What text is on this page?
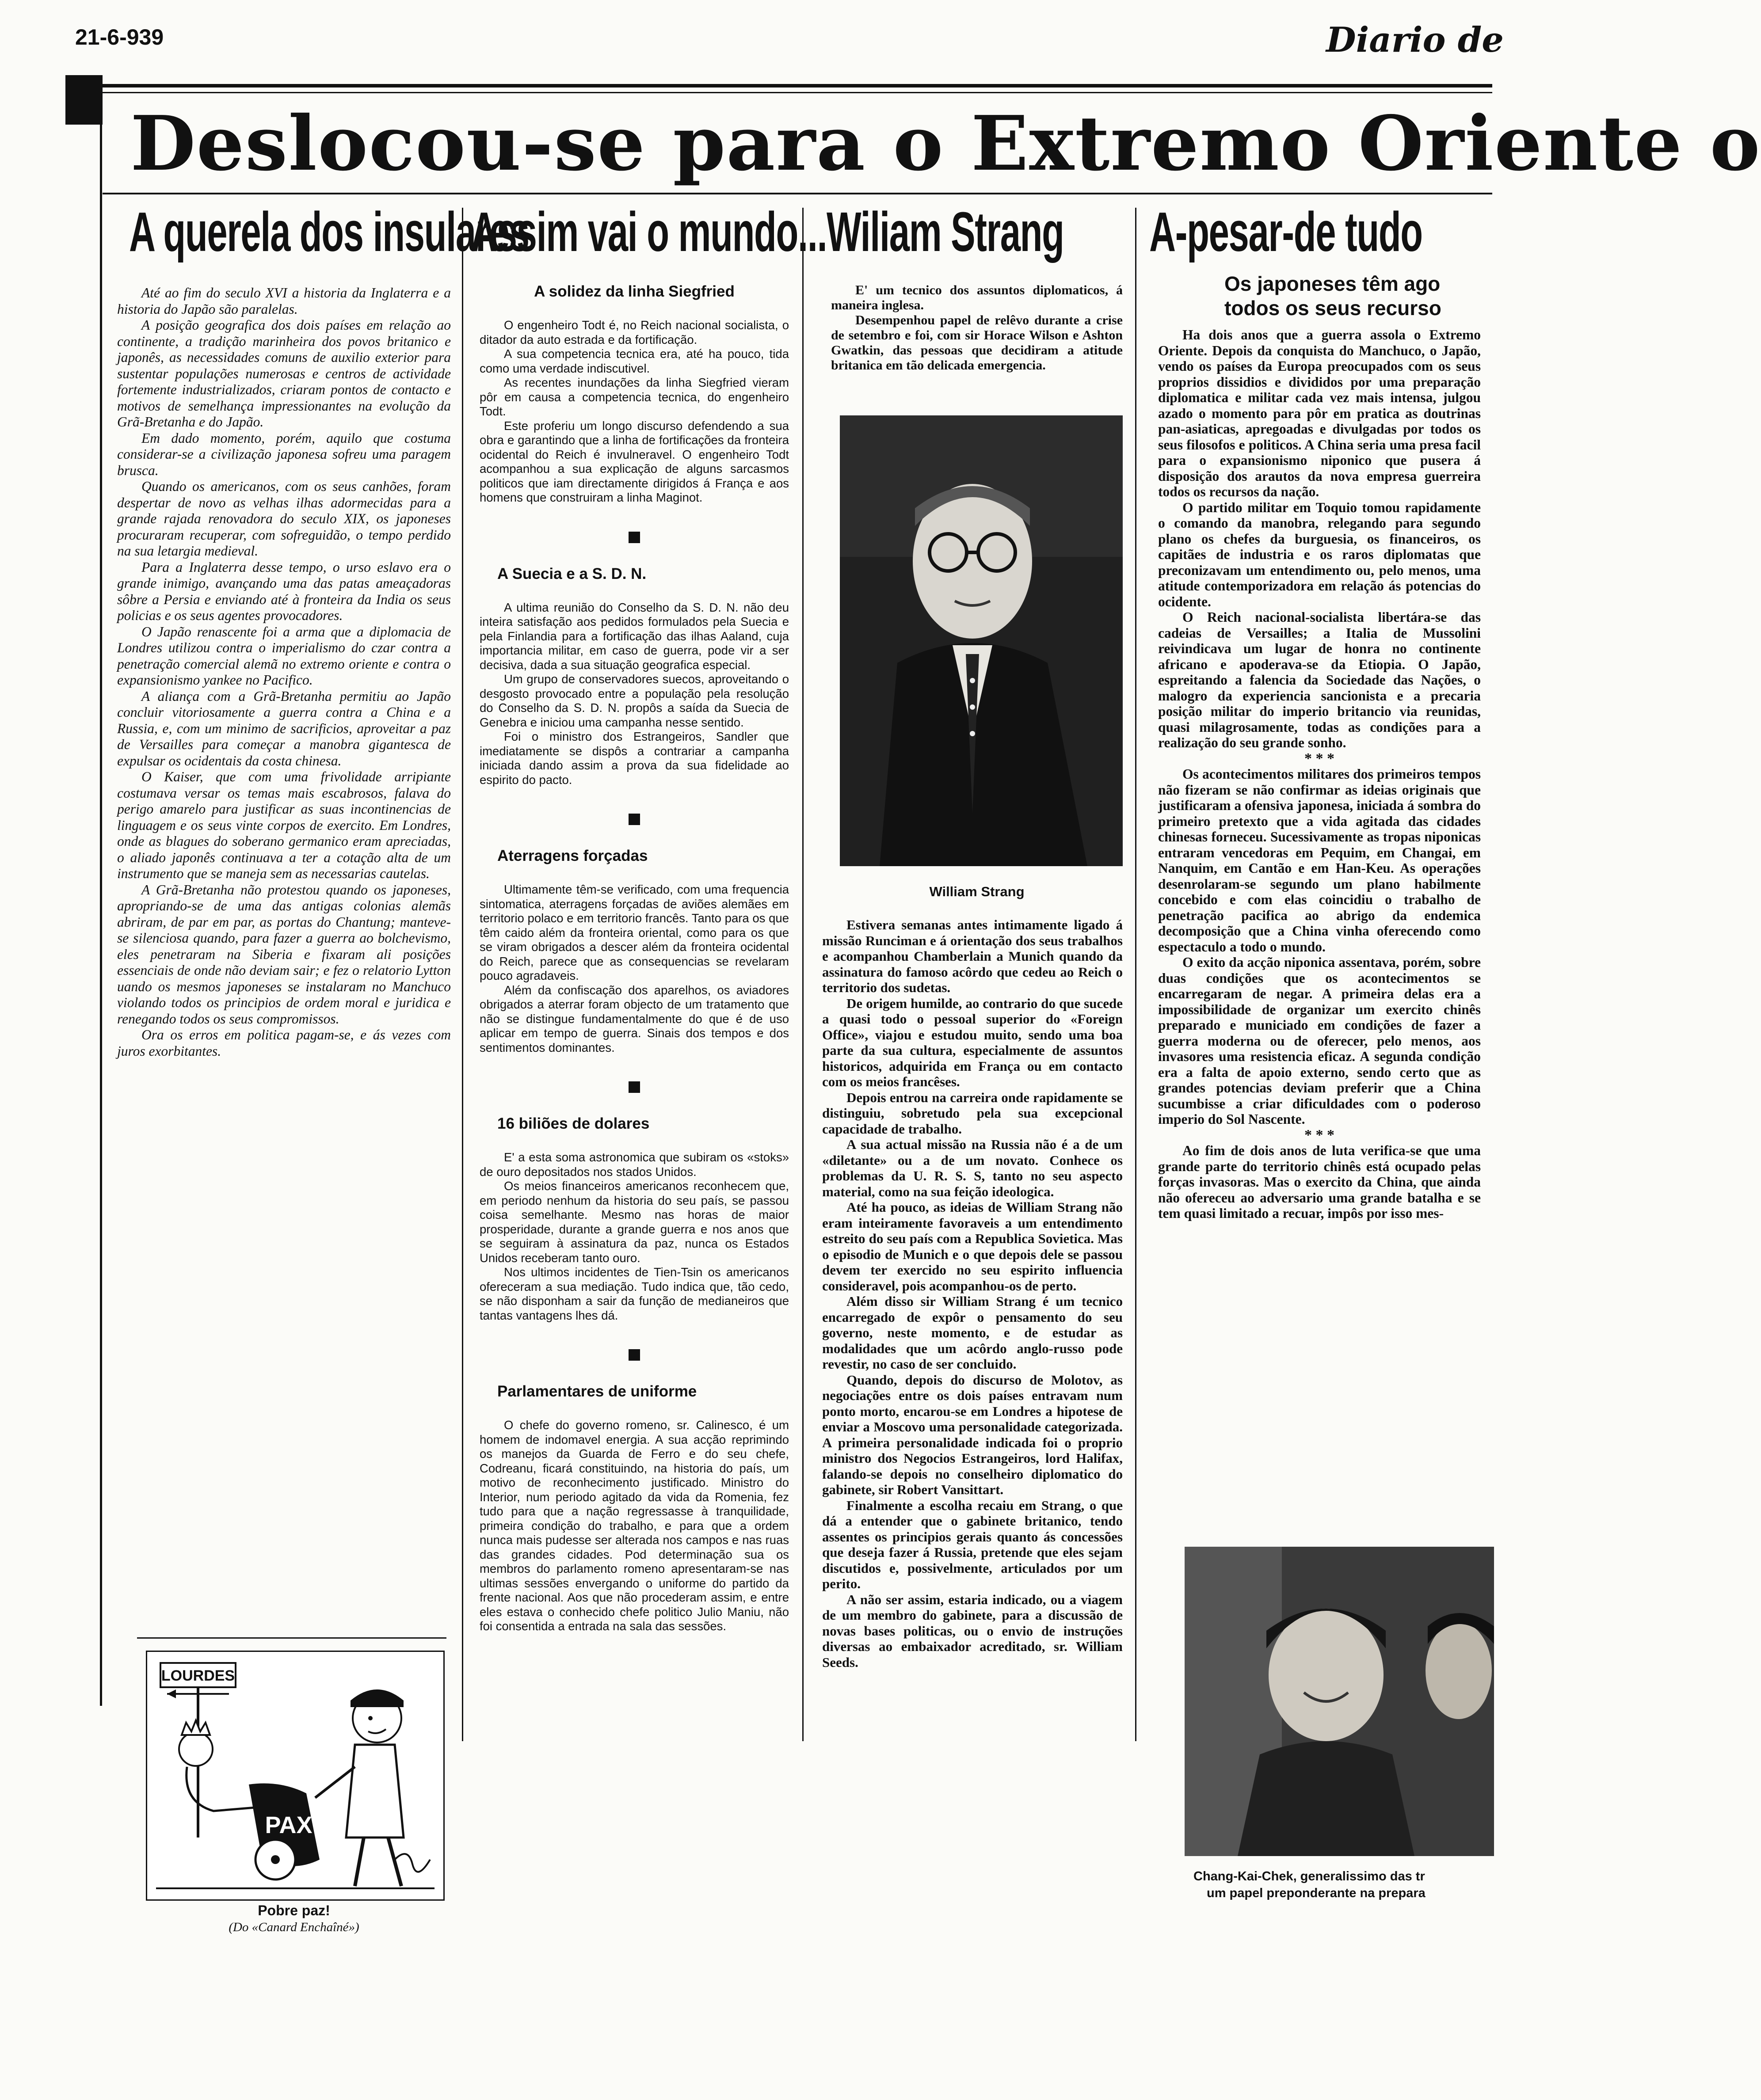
21-6-939	Diario de
Deslocou-se para o Extremo Oriente o
A querela dos insulares

Até ao fim do seculo XVI a historia da Inglaterra e a historia do Japão são paralelas.

A posição geografica dos dois países em relação ao continente, a tradição marinheira dos povos britanico e japonês, as necessidades comuns de auxilio exterior para sustentar populações numerosas e centros de actividade fortemente industrializados, criaram pontos de contacto e motivos de semelhança impressionantes na evolução da Grã-Bretanha e do Japão.

Em dado momento, porém, aquilo que costuma considerar-se a civilização japonesa sofreu uma paragem brusca.

Quando os americanos, com os seus canhões, foram despertar de novo as velhas ilhas adormecidas para a grande rajada renovadora do seculo XIX, os japoneses procuraram recuperar, com sofreguidão, o tempo perdido na sua letargia medieval.

Para a Inglaterra desse tempo, o urso eslavo era o grande inimigo, avançando uma das patas ameaçadoras sôbre a Persia e enviando até à fronteira da India os seus policias e os seus agentes provocadores.

O Japão renascente foi a arma que a diplomacia de Londres utilizou contra o imperialismo do czar contra a penetração comercial alemã no extremo oriente e contra o expansionismo yankee no Pacifico.

A aliança com a Grã-Bretanha permitiu ao Japão concluir vitoriosamente a guerra contra a China e a Russia, e, com um minimo de sacrificios, aproveitar a paz de Versailles para começar a manobra gigantesca de expulsar os ocidentais da costa chinesa.

O Kaiser, que com uma frivolidade arripiante costumava versar os temas mais escabrosos, falava do perigo amarelo para justificar as suas incontinencias de linguagem e os seus vinte corpos de exercito. Em Londres, onde as blagues do soberano germanico eram apreciadas, o aliado japonês continuava a ter a cotação alta de um instrumento que se maneja sem as necessarias cautelas.

A Grã-Bretanha não protestou quando os japoneses, apropriando-se de uma das antigas colonias alemãs abriram, de par em par, as portas do Chantung; manteve-se silenciosa quando, para fazer a guerra ao bolchevismo, eles penetraram na Siberia e fixaram ali posições essenciais de onde não deviam sair; e fez o relatorio Lytton uando os mesmos japoneses se instalaram no Manchuco violando todos os principios de ordem moral e juridica e renegando todos os seus compromissos.

Ora os erros em politica pagam-se, e ás vezes com juros exorbitantes.

LOURDES
PAX
Pobre paz!
(Do «Canard Enchaîné»)
Assim vai o mundo...
A solidez da linha Siegfried

O engenheiro Todt é, no Reich nacional socialista, o ditador da auto estrada e da fortificação.

A sua competencia tecnica era, até ha pouco, tida como uma verdade indiscutivel.

As recentes inundações da linha Siegfried vieram pôr em causa a competencia tecnica, do engenheiro Todt.

Este proferiu um longo discurso defendendo a sua obra e garantindo que a linha de fortificações da fronteira ocidental do Reich é invulneravel. O engenheiro Todt acompanhou a sua explicação de alguns sarcasmos politicos que iam directamente dirigidos á França e aos homens que construiram a linha Maginot.

A Suecia e a S. D. N.

A ultima reunião do Conselho da S. D. N. não deu inteira satisfação aos pedidos formulados pela Suecia e pela Finlandia para a fortificação das ilhas Aaland, cuja importancia militar, em caso de guerra, pode vir a ser decisiva, dada a sua situação geografica especial.

Um grupo de conservadores suecos, aproveitando o desgosto provocado entre a população pela resolução do Conselho da S. D. N. propôs a saída da Suecia de Genebra e iniciou uma campanha nesse sentido.

Foi o ministro dos Estrangeiros, Sandler que imediatamente se dispôs a contrariar a campanha iniciada dando assim a prova da sua fidelidade ao espirito do pacto.

Aterragens forçadas

Ultimamente têm-se verificado, com uma frequencia sintomatica, aterragens forçadas de aviões alemães em territorio polaco e em territorio francês. Tanto para os que têm caido além da fronteira oriental, como para os que se viram obrigados a descer além da fronteira ocidental do Reich, parece que as consequencias se revelaram pouco agradaveis.

Além da confiscação dos aparelhos, os aviadores obrigados a aterrar foram objecto de um tratamento que não se distingue fundamentalmente do que é de uso aplicar em tempo de guerra. Sinais dos tempos e dos sentimentos dominantes.

16 biliões de dolares

E' a esta soma astronomica que subiram os «stoks» de ouro depositados nos stados Unidos.

Os meios financeiros americanos reconhecem que, em periodo nenhum da historia do seu país, se passou coisa semelhante. Mesmo nas horas de maior prosperidade, durante a grande guerra e nos anos que se seguiram à assinatura da paz, nunca os Estados Unidos receberam tanto ouro.

Nos ultimos incidentes de Tien-Tsin os americanos ofereceram a sua mediação. Tudo indica que, tão cedo, se não disponham a sair da função de medianeiros que tantas vantagens lhes dá.

Parlamentares de uniforme

O chefe do governo romeno, sr. Calinesco, é um homem de indomavel energia. A sua acção reprimindo os manejos da Guarda de Ferro e do seu chefe, Codreanu, ficará constituindo, na historia do país, um motivo de reconhecimento justificado. Ministro do Interior, num periodo agitado da vida da Romenia, fez tudo para que a nação regressasse à tranquilidade, primeira condição do trabalho, e para que a ordem nunca mais pudesse ser alterada nos campos e nas ruas das grandes cidades. Pod determinação sua os membros do parlamento romeno apresentaram-se nas ultimas sessões envergando o uniforme do partido da frente nacional. Aos que não procederam assim, e entre eles estava o conhecido chefe politico Julio Maniu, não foi consentida a entrada na sala das sessões.

Wiliam Strang

E' um tecnico dos assuntos diplomaticos, á maneira inglesa.

Desempenhou papel de relêvo durante a crise de setembro e foi, com sir Horace Wilson e Ashton Gwatkin, das pessoas que decidiram a atitude britanica em tão delicada emergencia.

William Strang

Estivera semanas antes intimamente ligado á missão Runciman e á orientação dos seus trabalhos e acompanhou Chamberlain a Munich quando da assinatura do famoso acôrdo que cedeu ao Reich o territorio dos sudetas.

De origem humilde, ao contrario do que sucede a quasi todo o pessoal superior do «Foreign Office», viajou e estudou muito, sendo uma boa parte da sua cultura, especialmente de assuntos historicos, adquirida em França ou em contacto com os meios francêses.

Depois entrou na carreira onde rapidamente se distinguiu, sobretudo pela sua excepcional capacidade de trabalho.

A sua actual missão na Russia não é a de um «diletante» ou a de um novato. Conhece os problemas da U. R. S. S, tanto no seu aspecto material, como na sua feição ideologica.

Até ha pouco, as ideias de William Strang não eram inteiramente favoraveis a um entendimento estreito do seu país com a Republica Sovietica. Mas o episodio de Munich e o que depois dele se passou devem ter exercido no seu espirito influencia consideravel, pois acompanhou-os de perto.

Além disso sir William Strang é um tecnico encarregado de expôr o pensamento do seu governo, neste momento, e de estudar as modalidades que um acôrdo anglo-russo pode revestir, no caso de ser concluido.

Quando, depois do discurso de Molotov, as negociações entre os dois países entravam num ponto morto, encarou-se em Londres a hipotese de enviar a Moscovo uma personalidade categorizada. A primeira personalidade indicada foi o proprio ministro dos Negocios Estrangeiros, lord Halifax, falando-se depois no conselheiro diplomatico do gabinete, sir Robert Vansittart.

Finalmente a escolha recaiu em Strang, o que dá a entender que o gabinete britanico, tendo assentes os principios gerais quanto ás concessões que deseja fazer á Russia, pretende que eles sejam discutidos e, possivelmente, articulados por um perito.

A não ser assim, estaria indicado, ou a viagem de um membro do gabinete, para a discussão de novas bases politicas, ou o envio de instruções diversas ao embaixador acreditado, sr. William Seeds.

A-pesar-de tudo
Os japoneses têm ago
todos os seus recurso

Ha dois anos que a guerra assola o Extremo Oriente. Depois da conquista do Manchuco, o Japão, vendo os países da Europa preocupados com os seus proprios dissidios e divididos por uma preparação diplomatica e militar cada vez mais intensa, julgou azado o momento para pôr em pratica as doutrinas pan-asiaticas, apregoadas e divulgadas por todos os seus filosofos e politicos. A China seria uma presa facil para o expansionismo niponico que pusera á disposição dos arautos da nova empresa guerreira todos os recursos da nação.

O partido militar em Toquio tomou rapidamente o comando da manobra, relegando para segundo plano os chefes da burguesia, os financeiros, os capitães de industria e os raros diplomatas que preconizavam um entendimento ou, pelo menos, uma atitude contemporizadora em relação ás potencias do ocidente.

O Reich nacional-socialista libertára-se das cadeias de Versailles; a Italia de Mussolini reivindicava um lugar de honra no continente africano e apoderava-se da Etiopia. O Japão, espreitando a falencia da Sociedade das Nações, o malogro da experiencia sancionista e a precaria posição militar do imperio britancio via reunidas, quasi milagrosamente, todas as condições para a realização do seu grande sonho.

* * *

Os acontecimentos militares dos primeiros tempos não fizeram se não confirmar as ideias originais que justificaram a ofensiva japonesa, iniciada á sombra do primeiro pretexto que a vida agitada das cidades chinesas forneceu. Sucessivamente as tropas niponicas entraram vencedoras em Pequim, em Changai, em Nanquim, em Cantão e em Han-Keu. As operações desenrolaram-se segundo um plano habilmente concebido e com elas coincidiu o trabalho de penetração pacifica ao abrigo da endemica decomposição que a China vinha oferecendo como espectaculo a todo o mundo.

O exito da acção niponica assentava, porém, sobre duas condições que os acontecimentos se encarregaram de negar. A primeira delas era a impossibilidade de organizar um exercito chinês preparado e municiado em condições de fazer a guerra moderna ou de oferecer, pelo menos, aos invasores uma resistencia eficaz. A segunda condição era a falta de apoio externo, sendo certo que as grandes potencias deviam preferir que a China sucumbisse a criar dificuldades com o poderoso imperio do Sol Nascente.

* * *

Ao fim de dois anos de luta verifica-se que uma grande parte do territorio chinês está ocupado pelas forças invasoras. Mas o exercito da China, que ainda não ofereceu ao adversario uma grande batalha e se tem quasi limitado a recuar, impôs por isso mes-

Chang-Kai-Chek, generalissimo das tr
um papel preponderante na prepara
